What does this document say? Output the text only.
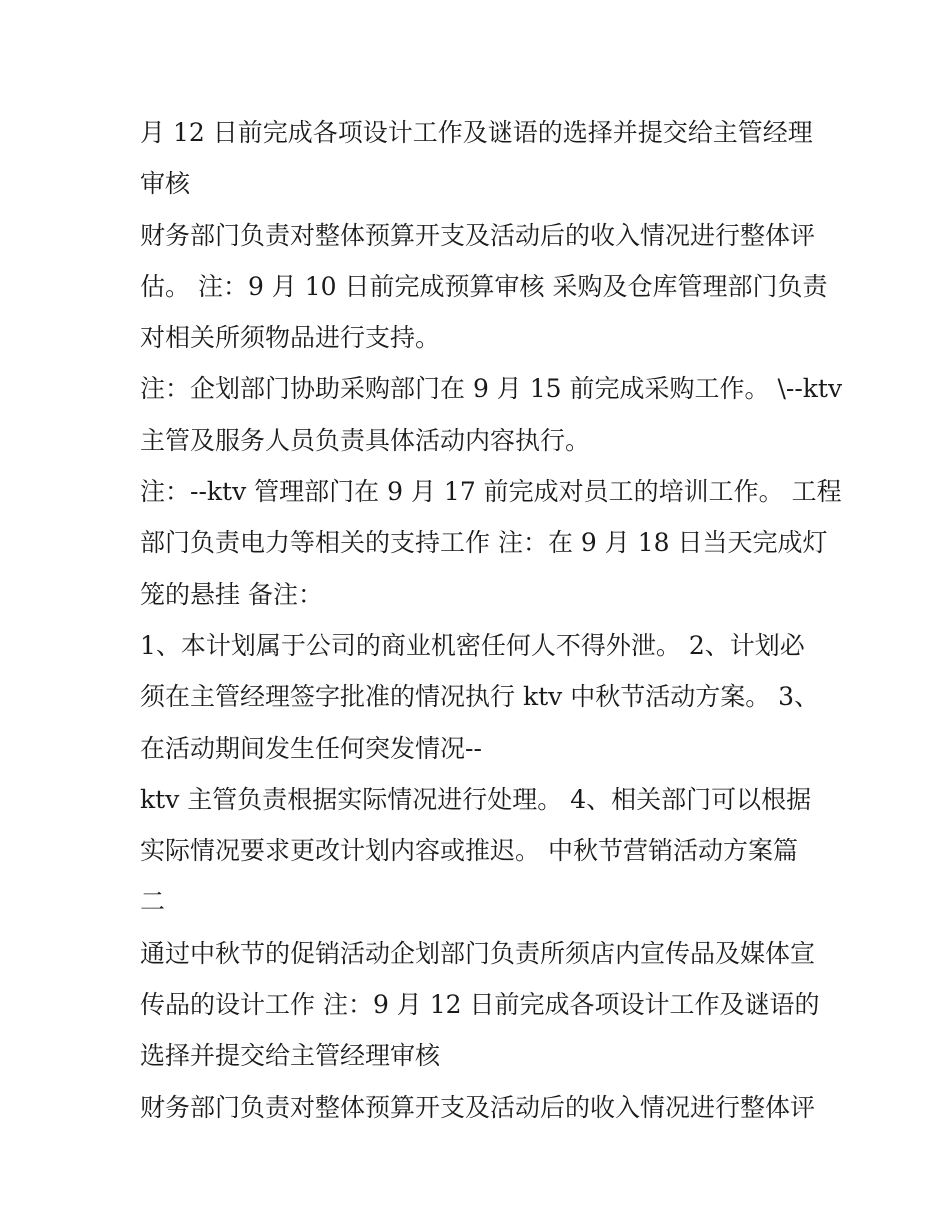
月 12 日前完成各项设计工作及谜语的选择并提交给主管经理
审核
财务部门负责对整体预算开支及活动后的收入情况进行整体评
估。 注：9 月 10 日前完成预算审核 采购及仓库管理部门负责
对相关所须物品进行支持。
注：企划部门协助采购部门在 9 月 15 前完成采购工作。 \--ktv
主管及服务人员负责具体活动内容执行。
注：--ktv 管理部门在 9 月 17 前完成对员工的培训工作。 工程
部门负责电力等相关的支持工作 注：在 9 月 18 日当天完成灯
笼的悬挂 备注：
1、本计划属于公司的商业机密任何人不得外泄。 2、计划必
须在主管经理签字批准的情况执行 ktv 中秋节活动方案。 3、
在活动期间发生任何突发情况--
ktv 主管负责根据实际情况进行处理。 4、相关部门可以根据
实际情况要求更改计划内容或推迟。 中秋节营销活动方案篇
二
通过中秋节的促销活动企划部门负责所须店内宣传品及媒体宣
传品的设计工作 注：9 月 12 日前完成各项设计工作及谜语的
选择并提交给主管经理审核
财务部门负责对整体预算开支及活动后的收入情况进行整体评
